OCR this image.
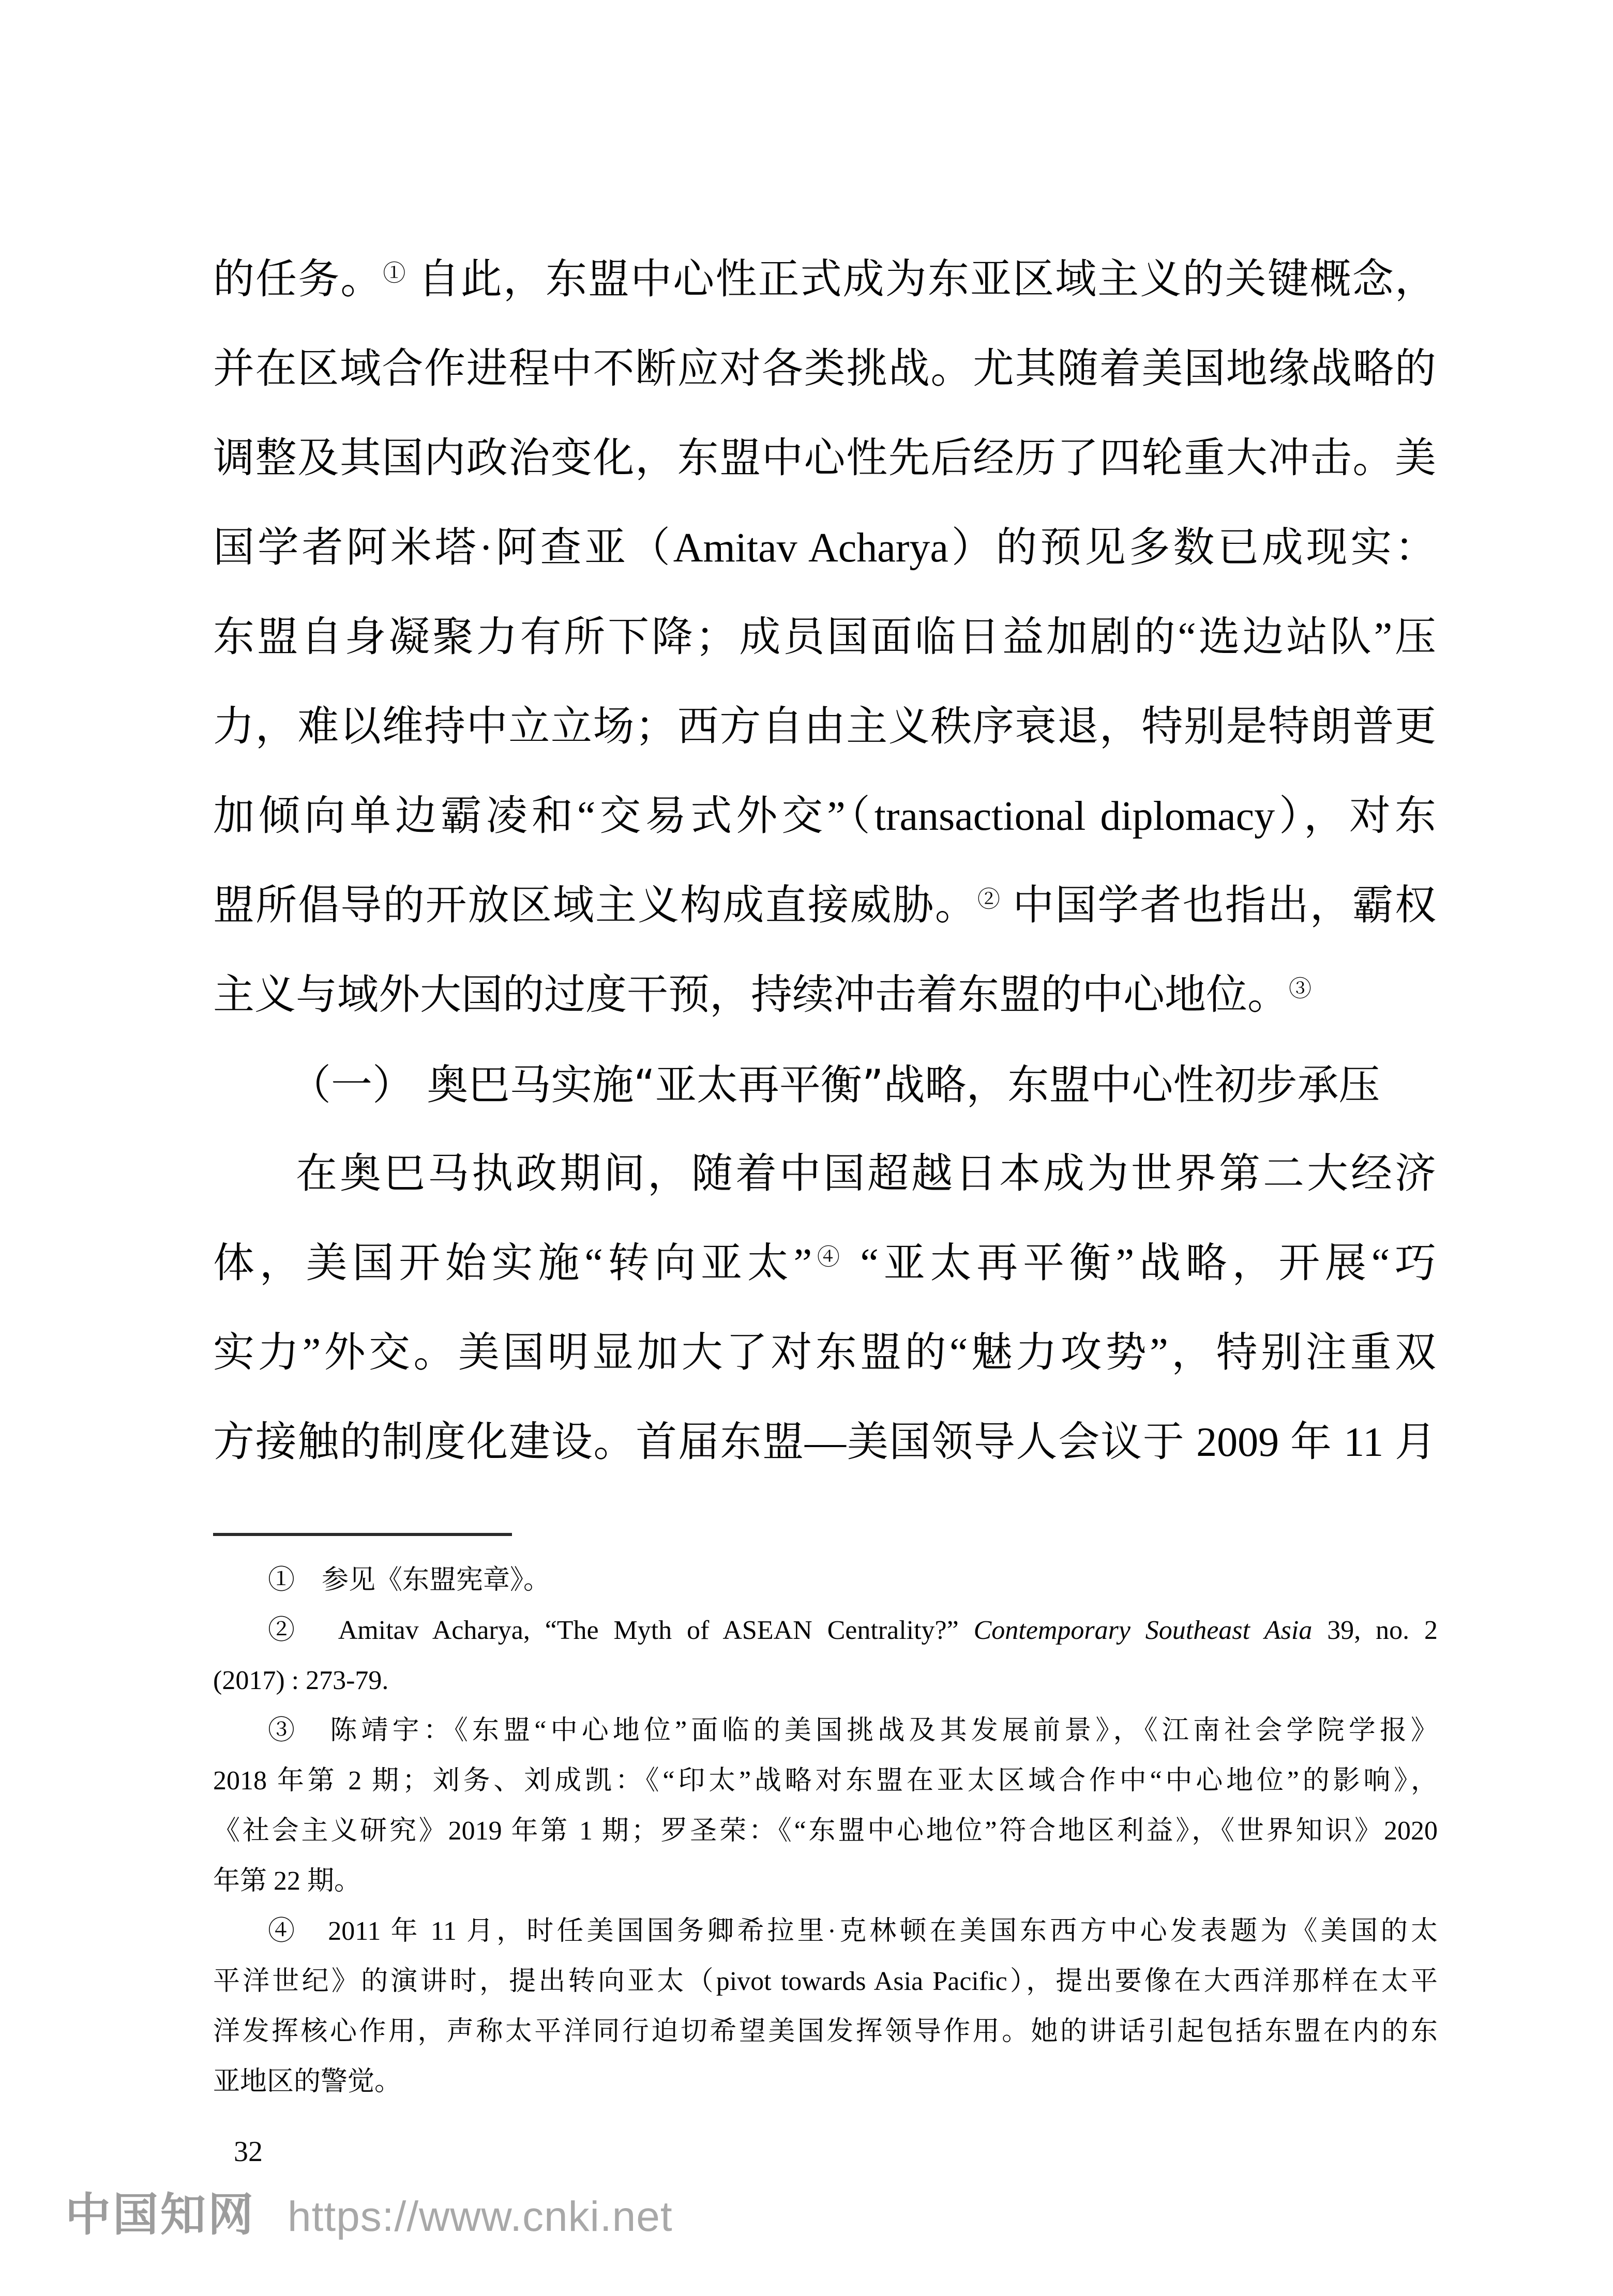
的任务。① 自此，东盟中心性正式成为东亚区域主义的关键概念，
并在区域合作进程中不断应对各类挑战。尤其随着美国地缘战略的
调整及其国内政治变化，东盟中心性先后经历了四轮重大冲击。美
国学者阿米塔·阿查亚（Amitav Acharya）的预见多数已成现实：
东盟自身凝聚力有所下降；成员国面临日益加剧的“选边站队”压
力，难以维持中立立场；西方自由主义秩序衰退，特别是特朗普更
加倾向单边霸凌和“交易式外交”（transactional diplomacy），对东
盟所倡导的开放区域主义构成直接威胁。② 中国学者也指出，霸权
主义与域外大国的过度干预，持续冲击着东盟的中心地位。③
（一） 奥巴马实施“亚太再平衡”战略，东盟中心性初步承压
在奥巴马执政期间，随着中国超越日本成为世界第二大经济
体，美国开始实施“转向亚太”④ “亚太再平衡”战略，开展“巧
实力”外交。美国明显加大了对东盟的“魅力攻势”，特别注重双
方接触的制度化建设。首届东盟—美国领导人会议于 2009 年 11 月
①　参见《东盟宪章》。
②　Amitav Acharya, “The Myth of ASEAN Centrality?” Contemporary Southeast Asia 39, no. 2
(2017) : 273-79.
③　陈靖宇：《东盟“中心地位”面临的美国挑战及其发展前景》，《江南社会学院学报》
2018 年第 2 期；刘务、刘成凯：《“印太”战略对东盟在亚太区域合作中“中心地位”的影响》，
《社会主义研究》2019 年第 1 期；罗圣荣：《“东盟中心地位”符合地区利益》，《世界知识》2020
年第 22 期。
④　2011 年 11 月，时任美国国务卿希拉里·克林顿在美国东西方中心发表题为《美国的太
平洋世纪》的演讲时，提出转向亚太（pivot towards Asia Pacific），提出要像在大西洋那样在太平
洋发挥核心作用，声称太平洋同行迫切希望美国发挥领导作用。她的讲话引起包括东盟在内的东
亚地区的警觉。
32
中国知网 https://www.cnki.net
